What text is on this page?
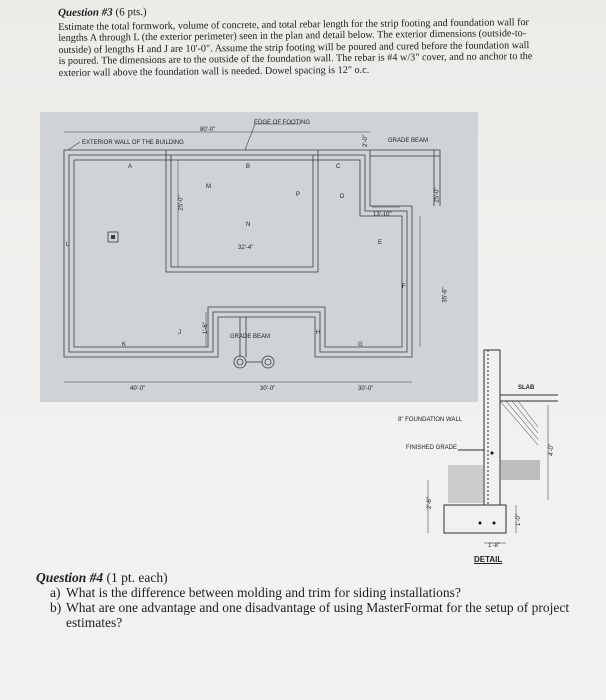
Question #3 (6 pts.)

Estimate the total formwork, volume of concrete, and total rebar length for the strip footing and foundation wall for lengths A through L (the exterior perimeter) seen in the plan and detail below. The exterior dimensions (outside-to-outside) of lengths H and J are 10'-0". Assume the strip footing will be poured and cured before the foundation wall is poured. The dimensions are to the outside of the foundation wall. The rebar is #4 w/3" cover, and no anchor to the exterior wall above the foundation wall is needed. Dowel spacing is 12" o.c.

EDGE OF FOOTING
EXTERIOR WALL OF THE BUILDING	GRADE BEAM
GRADE BEAM
80'-0"
25'-0"
2'-0"
25'-0"
13'-10"
32'-4"
35'-6"
1'-6"
40'-0"	30'-0"	30'-0"
A	B	C
D
E
F
G
H
J
K
L
M
N
P
SLAB
8" FOUNDATION WALL
FINISHED GRADE	4'-0"
2'-6"
1'-0"
1'-8"
DETAIL
Question #4 (1 pt. each)
a) What is the difference between molding and trim for siding installations?
b) What are one advantage and one disadvantage of using MasterFormat for the setup of project estimates?
